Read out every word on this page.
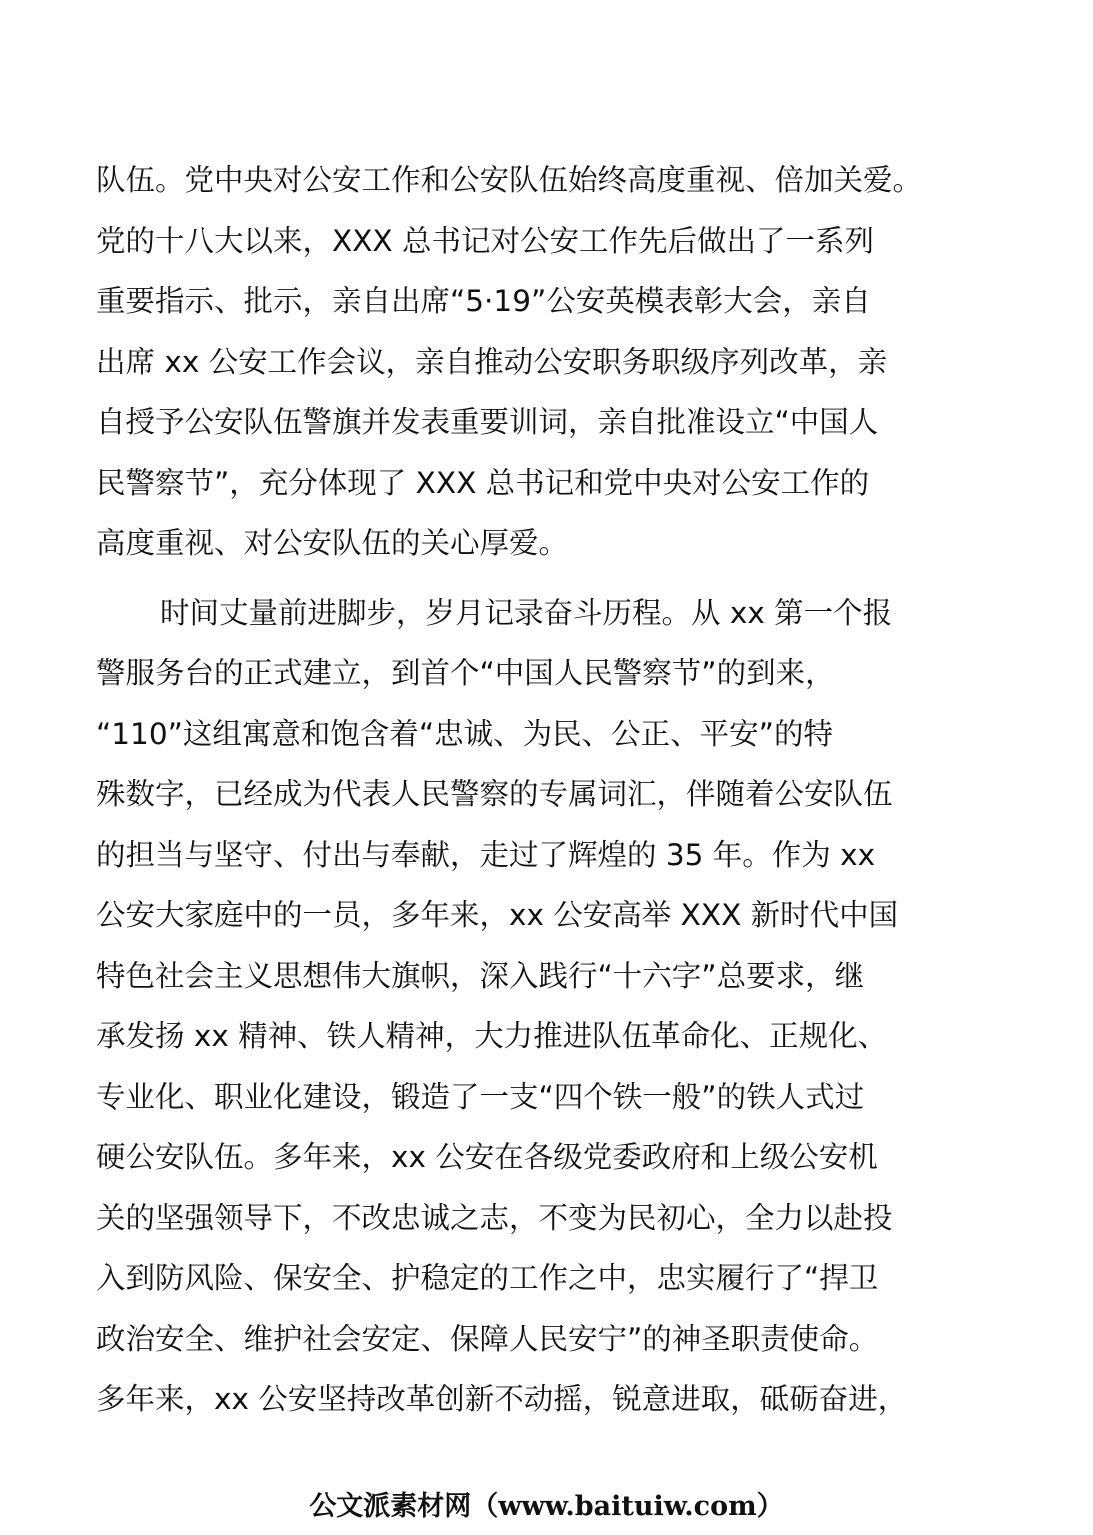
队伍。党中央对公安工作和公安队伍始终高度重视、倍加关爱。
党的十八大以来，XXX 总书记对公安工作先后做出了一系列
重要指示、批示，亲自出席“5·19”公安英模表彰大会，亲自
出席 xx 公安工作会议，亲自推动公安职务职级序列改革，亲
自授予公安队伍警旗并发表重要训词，亲自批准设立“中国人
民警察节”，充分体现了 XXX 总书记和党中央对公安工作的
高度重视、对公安队伍的关心厚爱。
时间丈量前进脚步，岁月记录奋斗历程。从 xx 第一个报
警服务台的正式建立，到首个“中国人民警察节”的到来，
“110”这组寓意和饱含着“忠诚、为民、公正、平安”的特
殊数字，已经成为代表人民警察的专属词汇，伴随着公安队伍
的担当与坚守、付出与奉献，走过了辉煌的 35 年。作为 xx
公安大家庭中的一员，多年来，xx 公安高举 XXX 新时代中国
特色社会主义思想伟大旗帜，深入践行“十六字”总要求，继
承发扬 xx 精神、铁人精神，大力推进队伍革命化、正规化、
专业化、职业化建设，锻造了一支“四个铁一般”的铁人式过
硬公安队伍。多年来，xx 公安在各级党委政府和上级公安机
关的坚强领导下，不改忠诚之志，不变为民初心，全力以赴投
入到防风险、保安全、护稳定的工作之中，忠实履行了“捍卫
政治安全、维护社会安定、保障人民安宁”的神圣职责使命。
多年来，xx 公安坚持改革创新不动摇，锐意进取，砥砺奋进，
公文派素材网（www.baituiw.com）
